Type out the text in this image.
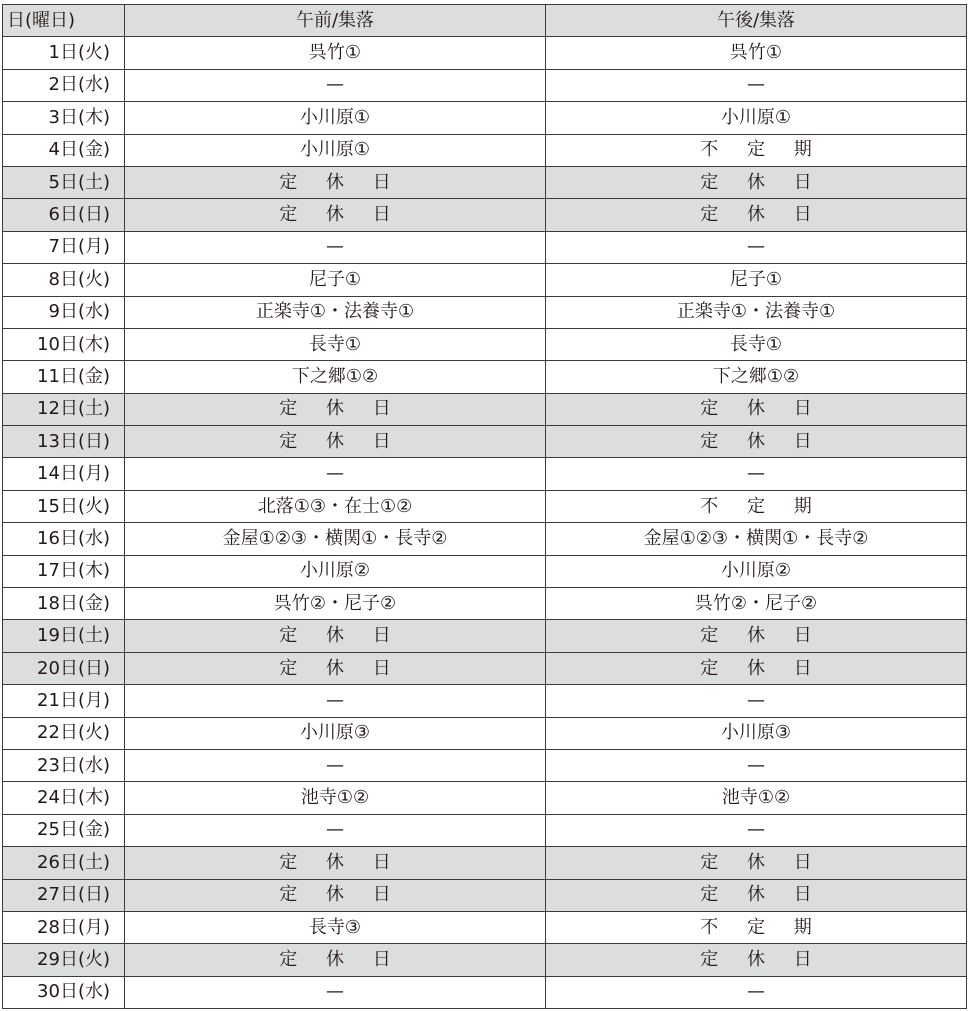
日(曜日)	午前/集落	午後/集落
1日(火)	呉竹①	呉竹①
2日(水)	—	—
3日(木)	小川原①	小川原①
4日(金)	小川原①	不定期
5日(土)	定休日	定休日
6日(日)	定休日	定休日
7日(月)	—	—
8日(火)	尼子①	尼子①
9日(水)	正楽寺①・法養寺①	正楽寺①・法養寺①
10日(木)	長寺①	長寺①
11日(金)	下之郷①②	下之郷①②
12日(土)	定休日	定休日
13日(日)	定休日	定休日
14日(月)	—	—
15日(火)	北落①③・在士①②	不定期
16日(水)	金屋①②③・横関①・長寺②	金屋①②③・横関①・長寺②
17日(木)	小川原②	小川原②
18日(金)	呉竹②・尼子②	呉竹②・尼子②
19日(土)	定休日	定休日
20日(日)	定休日	定休日
21日(月)	—	—
22日(火)	小川原③	小川原③
23日(水)	—	—
24日(木)	池寺①②	池寺①②
25日(金)	—	—
26日(土)	定休日	定休日
27日(日)	定休日	定休日
28日(月)	長寺③	不定期
29日(火)	定休日	定休日
30日(水)	—	—
